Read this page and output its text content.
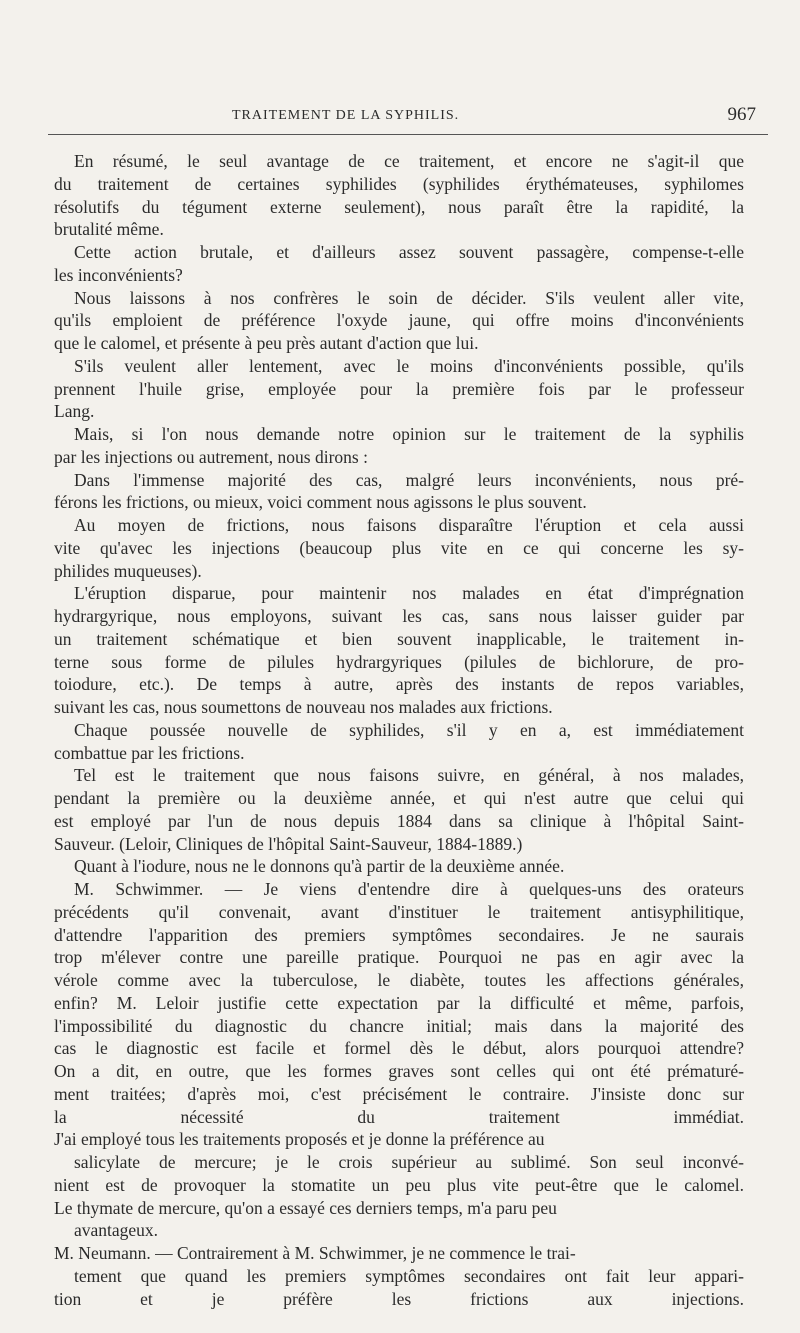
TRAITEMENT DE LA SYPHILIS.	967
En résumé, le seul avantage de ce traitement, et encore ne s'agit-il que
du traitement de certaines syphilides (syphilides érythémateuses, syphilomes
résolutifs du tégument externe seulement), nous paraît être la rapidité, la
brutalité même.
Cette action brutale, et d'ailleurs assez souvent passagère, compense-t-elle
les inconvénients?
Nous laissons à nos confrères le soin de décider. S'ils veulent aller vite,
qu'ils emploient de préférence l'oxyde jaune, qui offre moins d'inconvénients
que le calomel, et présente à peu près autant d'action que lui.
S'ils veulent aller lentement, avec le moins d'inconvénients possible, qu'ils
prennent l'huile grise, employée pour la première fois par le professeur
Lang.
Mais, si l'on nous demande notre opinion sur le traitement de la syphilis
par les injections ou autrement, nous dirons :
Dans l'immense majorité des cas, malgré leurs inconvénients, nous pré-
férons les frictions, ou mieux, voici comment nous agissons le plus souvent.
Au moyen de frictions, nous faisons disparaître l'éruption et cela aussi
vite qu'avec les injections (beaucoup plus vite en ce qui concerne les sy-
philides muqueuses).
L'éruption disparue, pour maintenir nos malades en état d'imprégnation
hydrargyrique, nous employons, suivant les cas, sans nous laisser guider par
un traitement schématique et bien souvent inapplicable, le traitement in-
terne sous forme de pilules hydrargyriques (pilules de bichlorure, de pro-
toiodure, etc.). De temps à autre, après des instants de repos variables,
suivant les cas, nous soumettons de nouveau nos malades aux frictions.
Chaque poussée nouvelle de syphilides, s'il y en a, est immédiatement
combattue par les frictions.
Tel est le traitement que nous faisons suivre, en général, à nos malades,
pendant la première ou la deuxième année, et qui n'est autre que celui qui
est employé par l'un de nous depuis 1884 dans sa clinique à l'hôpital Saint-
Sauveur. (Leloir, Cliniques de l'hôpital Saint-Sauveur, 1884-1889.)
Quant à l'iodure, nous ne le donnons qu'à partir de la deuxième année.
M. Schwimmer. — Je viens d'entendre dire à quelques-uns des orateurs
précédents qu'il convenait, avant d'instituer le traitement antisyphilitique,
d'attendre l'apparition des premiers symptômes secondaires. Je ne saurais
trop m'élever contre une pareille pratique. Pourquoi ne pas en agir avec la
vérole comme avec la tuberculose, le diabète, toutes les affections générales,
enfin? M. Leloir justifie cette expectation par la difficulté et même, parfois,
l'impossibilité du diagnostic du chancre initial; mais dans la majorité des
cas le diagnostic est facile et formel dès le début, alors pourquoi attendre?
On a dit, en outre, que les formes graves sont celles qui ont été prématuré-
ment traitées; d'après moi, c'est précisément le contraire. J'insiste donc sur
la nécessité du traitement immédiat.
J'ai employé tous les traitements proposés et je donne la préférence au
salicylate de mercure; je le crois supérieur au sublimé. Son seul inconvé-
nient est de provoquer la stomatite un peu plus vite peut-être que le calomel.
Le thymate de mercure, qu'on a essayé ces derniers temps, m'a paru peu
avantageux.
M. Neumann. — Contrairement à M. Schwimmer, je ne commence le trai-
tement que quand les premiers symptômes secondaires ont fait leur appari-
tion et je préfère les frictions aux injections.
